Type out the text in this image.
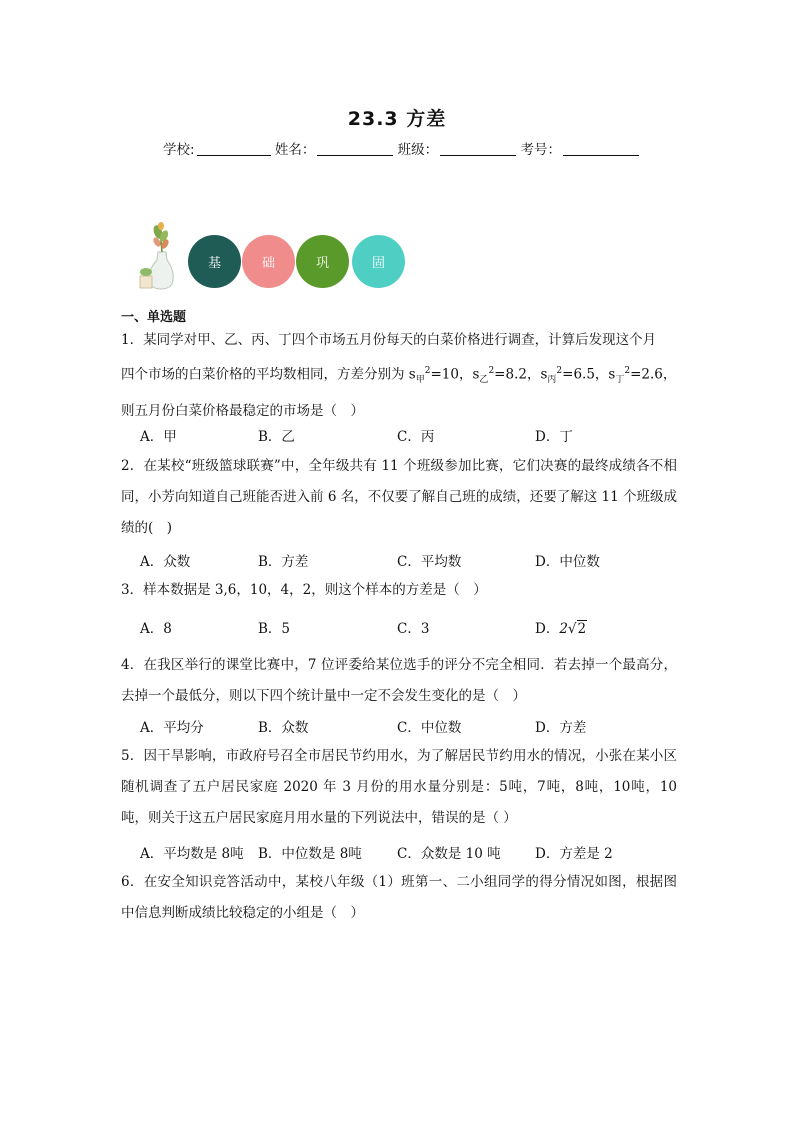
23.3 方差
学校:	姓名：	班级：	考号：
基	础	巩	固
一、单选题
1．某同学对甲、乙、丙、丁四个市场五月份每天的白菜价格进行调查，计算后发现这个月
四个市场的白菜价格的平均数相同，方差分别为 $s_甲^2=10$，$s_乙^2=8.2$，$s_丙^2=6.5$，$s_丁^2=2.6$，
则五月份白菜价格最稳定的市场是（　）
A．甲	B．乙	C．丙	D．丁
2．在某校“班级篮球联赛”中，全年级共有 11 个班级参加比赛，它们决赛的最终成绩各不相同，小芳向知道自己班能否进入前 6 名，不仅要了解自己班的成绩，还要了解这 11 个班级成绩的(　)
A．众数	B．方差	C．平均数	D．中位数
3．样本数据是 3,6，10，4，2，则这个样本的方差是（　）
A．8	B．5	C．3	D．2√2
4．在我区举行的课堂比赛中，7 位评委给某位选手的评分不完全相同．若去掉一个最高分，去掉一个最低分，则以下四个统计量中一定不会发生变化的是（　）
A．平均分	B．众数	C．中位数	D．方差
5．因干旱影响，市政府号召全市居民节约用水，为了解居民节约用水的情况，小张在某小区随机调查了五户居民家庭 2020 年 3 月份的用水量分别是：5吨，7吨，8吨，10吨，10 吨，则关于这五户居民家庭月用水量的下列说法中，错误的是（ ）
A．平均数是 8吨 B．中位数是 8吨	C．众数是 10 吨	D．方差是 2
6．在安全知识竞答活动中，某校八年级（1）班第一、二小组同学的得分情况如图，根据图中信息判断成绩比较稳定的小组是（　）
